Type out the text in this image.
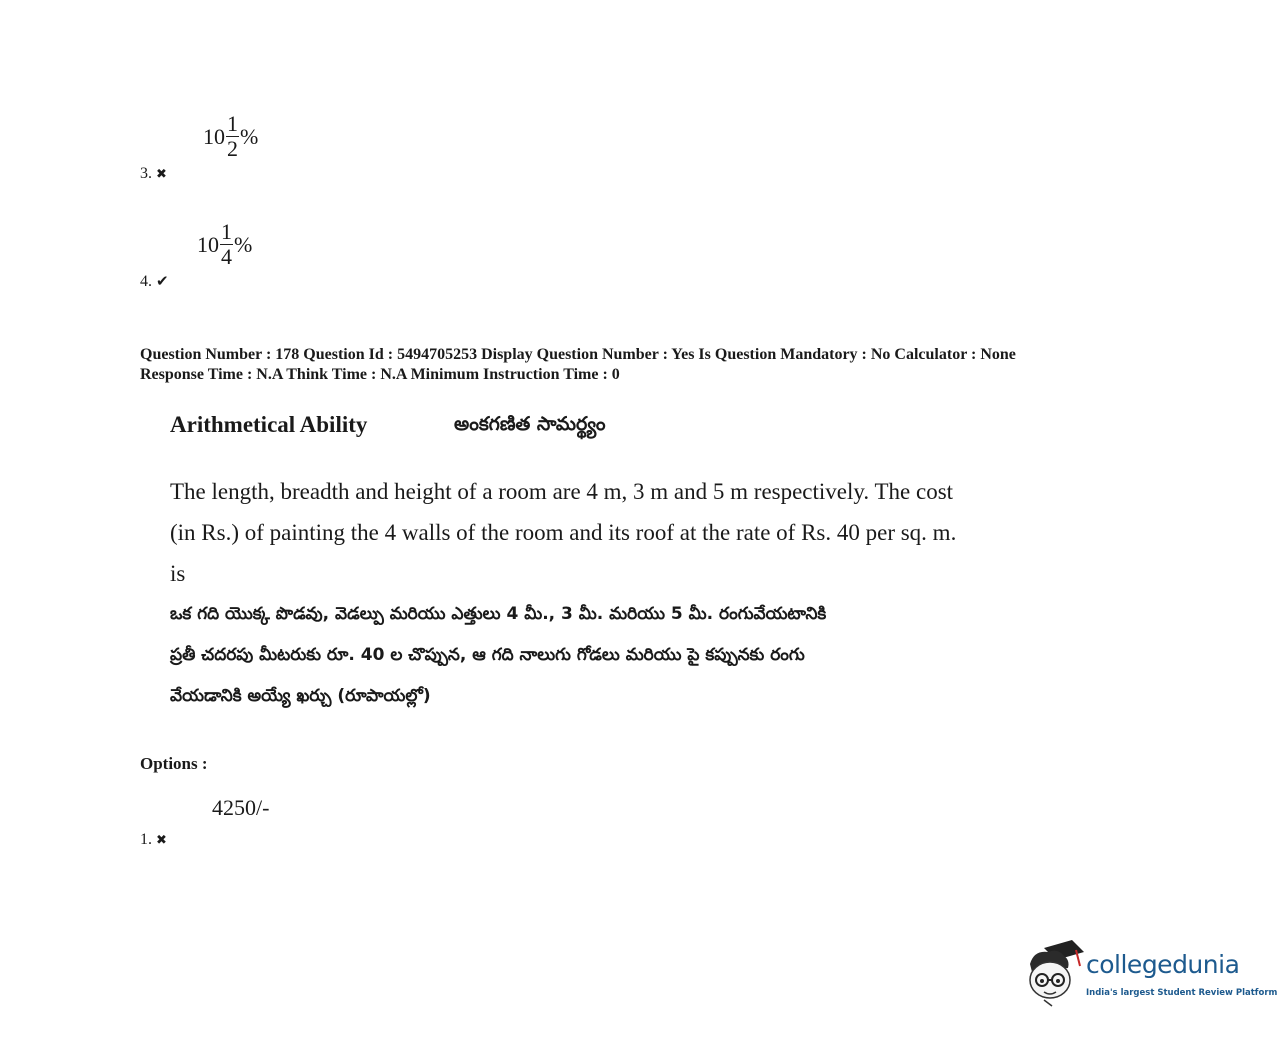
$10 \frac{1}{2}$ %
3. ✖
$10 \frac{1}{4}$ %
4. ✔
Question Number : 178 Question Id : 5494705253 Display Question Number : Yes Is Question Mandatory : No Calculator : None
Response Time : N.A Think Time : N.A Minimum Instruction Time : 0
Arithmetical Ability	అంకగణిత సామర్థ్యం
The length, breadth and height of a room are 4 m, 3 m and 5 m respectively. The cost
(in Rs.) of painting the 4 walls of the room and its roof at the rate of Rs. 40 per sq. m.
is
ఒక గది యొక్క పొడవు, వెడల్పు మరియు ఎత్తులు 4 మీ., 3 మీ. మరియు 5 మీ. రంగువేయటానికి
ప్రతీ చదరపు మీటరుకు రూ. 40 ల చొప్పున, ఆ గది నాలుగు గోడలు మరియు పై కప్పునకు రంగు
వేయడానికి అయ్యే ఖర్చు (రూపాయల్లో)
Options :
4250/-
1. ✖
collegedunia
India's largest Student Review Platform
